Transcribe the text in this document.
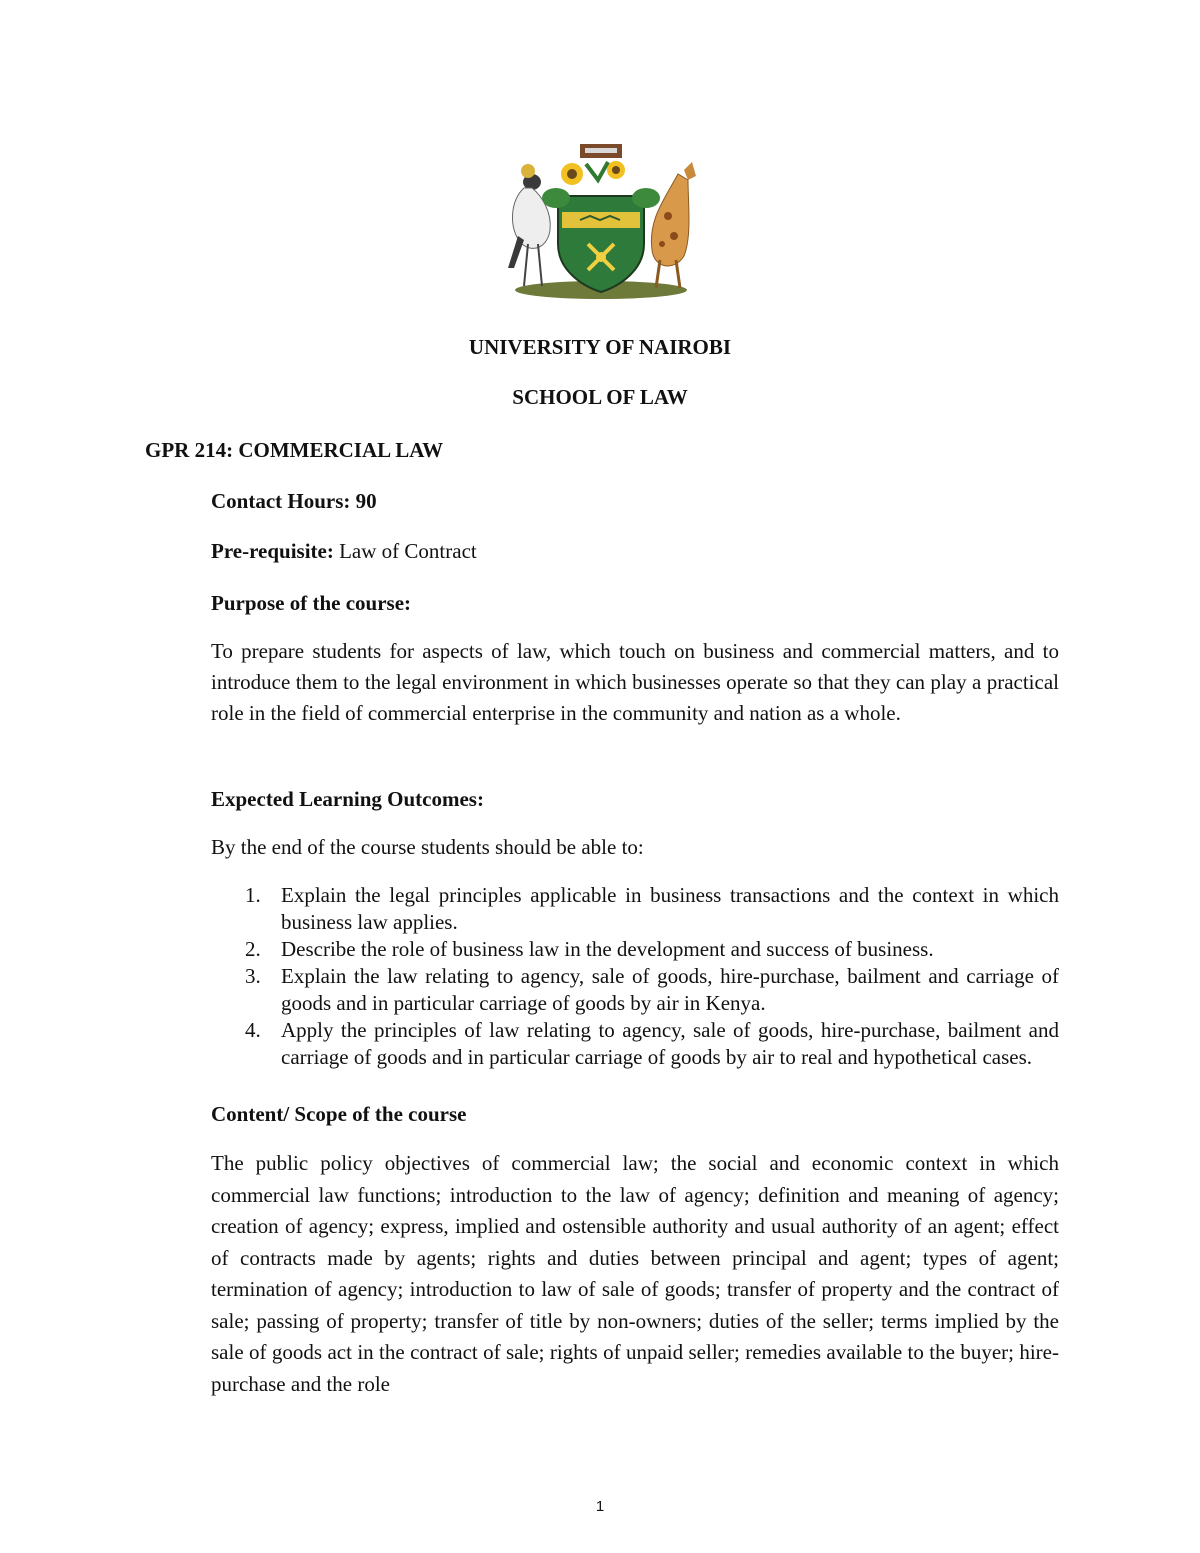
UNIVERSITY OF NAIROBI
SCHOOL OF LAW
GPR 214: COMMERCIAL LAW
Contact Hours: 90
Pre-requisite: Law of Contract
Purpose of the course:
To prepare students for aspects of law, which touch on business and commercial matters, and to introduce them to the legal environment in which businesses operate so that they can play a practical role in the field of commercial enterprise in the community and nation as a whole.
Expected Learning Outcomes:
By the end of the course students should be able to:
1. Explain the legal principles applicable in business transactions and the context in which business law applies.
2. Describe the role of business law in the development and success of business.
3. Explain the law relating to agency, sale of goods, hire-purchase, bailment and carriage of goods and in particular carriage of goods by air in Kenya.
4. Apply the principles of law relating to agency, sale of goods, hire-purchase, bailment and carriage of goods and in particular carriage of goods by air to real and hypothetical cases.
Content/ Scope of the course
The public policy objectives of commercial law; the social and economic context in which commercial law functions; introduction to the law of agency; definition and meaning of agency; creation of agency; express, implied and ostensible authority and usual authority of an agent; effect of contracts made by agents; rights and duties between principal and agent; types of agent; termination of agency; introduction to law of sale of goods; transfer of property and the contract of sale; passing of property; transfer of title by non-owners; duties of the seller; terms implied by the sale of goods act in the contract of sale; rights of unpaid seller; remedies available to the buyer; hire-purchase and the role
1
